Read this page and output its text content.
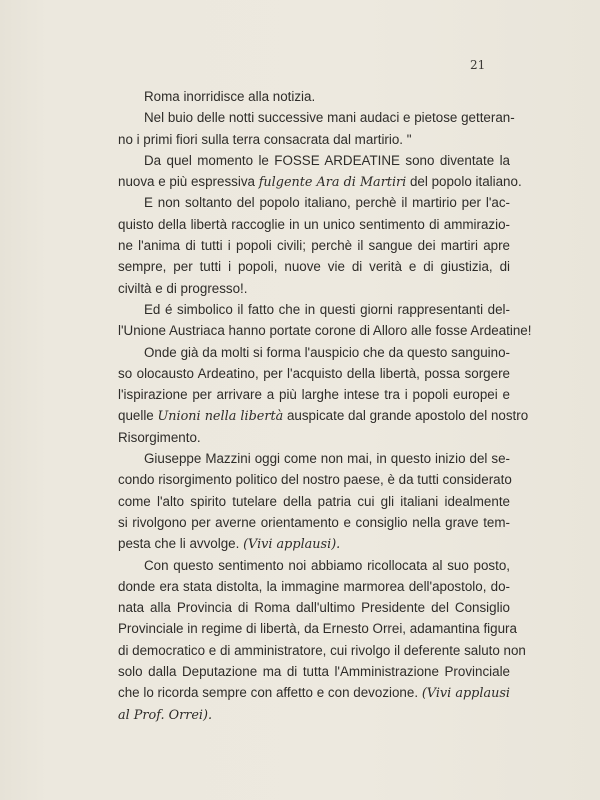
21
Roma inorridisce alla notizia.
Nel buio delle notti successive mani audaci e pietose getteran-
no i primi fiori sulla terra consacrata dal martirio. "
Da quel momento le FOSSE ARDEATINE sono diventate la
nuova e più espressiva fulgente Ara di Martiri del popolo italiano.
E non soltanto del popolo italiano, perchè il martirio per l'ac-
quisto della libertà raccoglie in un unico sentimento di ammirazio-
ne l'anima di tutti i popoli civili; perchè il sangue dei martiri apre
sempre, per tutti i popoli, nuove vie di verità e di giustizia, di
civiltà e di progresso!.
Ed é simbolico il fatto che in questi giorni rappresentanti del-
l'Unione Austriaca hanno portate corone di Alloro alle fosse Ardeatine!
Onde già da molti si forma l'auspicio che da questo sanguino-
so olocausto Ardeatino, per l'acquisto della libertà, possa sorgere
l'ispirazione per arrivare a più larghe intese tra i popoli europei e
quelle Unioni nella libertà auspicate dal grande apostolo del nostro
Risorgimento.
Giuseppe Mazzini oggi come non mai, in questo inizio del se-
condo risorgimento politico del nostro paese, è da tutti considerato
come l'alto spirito tutelare della patria cui gli italiani idealmente
si rivolgono per averne orientamento e consiglio nella grave tem-
pesta che li avvolge. (Vivi applausi).
Con questo sentimento noi abbiamo ricollocata al suo posto,
donde era stata distolta, la immagine marmorea dell'apostolo, do-
nata alla Provincia di Roma dall'ultimo Presidente del Consiglio
Provinciale in regime di libertà, da Ernesto Orrei, adamantina figura
di democratico e di amministratore, cui rivolgo il deferente saluto non
solo dalla Deputazione ma di tutta l'Amministrazione Provinciale
che lo ricorda sempre con affetto e con devozione. (Vivi applausi
al Prof. Orrei).
